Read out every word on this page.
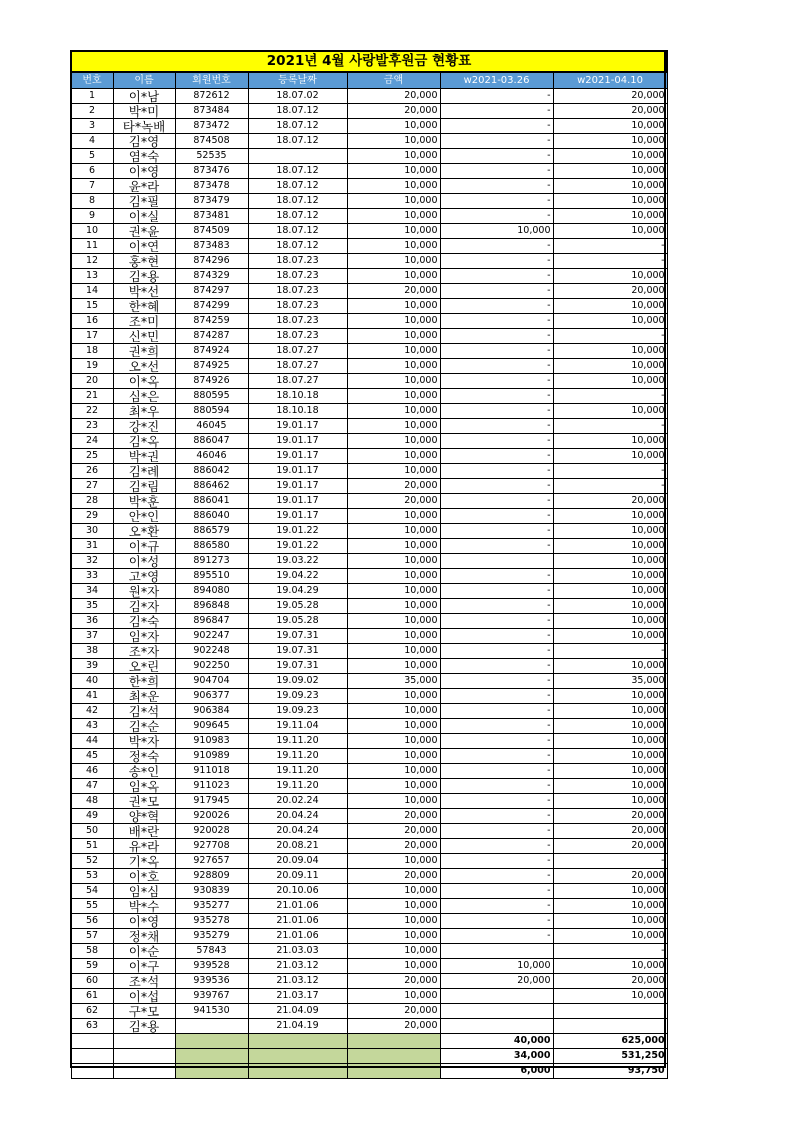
2021년 4월 사랑발후원금 현황표						
번호	이름	회원번호	등록날짜	금액	w2021-03.26	w2021-04.10
1	이*남	872612	18.07.02	20,000	-	20,000
2	박*미	873484	18.07.12	20,000	-	20,000
3	타*녹배	873472	18.07.12	10,000	-	10,000
4	김*영	874508	18.07.12	10,000	-	10,000
5	염*숙	52535		10,000	-	10,000
6	이*영	873476	18.07.12	10,000	-	10,000
7	윤*라	873478	18.07.12	10,000	-	10,000
8	김*필	873479	18.07.12	10,000	-	10,000
9	이*실	873481	18.07.12	10,000	-	10,000
10	권*윤	874509	18.07.12	10,000	10,000	10,000
11	이*연	873483	18.07.12	10,000	-	-
12	홍*현	874296	18.07.23	10,000	-	-
13	김*용	874329	18.07.23	10,000	-	10,000
14	박*선	874297	18.07.23	20,000	-	20,000
15	한*혜	874299	18.07.23	10,000	-	10,000
16	조*미	874259	18.07.23	10,000	-	10,000
17	신*민	874287	18.07.23	10,000	-	-
18	권*희	874924	18.07.27	10,000	-	10,000
19	오*선	874925	18.07.27	10,000	-	10,000
20	이*옥	874926	18.07.27	10,000	-	10,000
21	심*은	880595	18.10.18	10,000	-	-
22	최*우	880594	18.10.18	10,000	-	10,000
23	강*진	46045	19.01.17	10,000	-	-
24	김*옥	886047	19.01.17	10,000	-	10,000
25	박*권	46046	19.01.17	10,000	-	10,000
26	김*례	886042	19.01.17	10,000	-	-
27	김*림	886462	19.01.17	20,000	-	-
28	박*훈	886041	19.01.17	20,000	-	20,000
29	안*인	886040	19.01.17	10,000	-	10,000
30	오*환	886579	19.01.22	10,000	-	10,000
31	이*규	886580	19.01.22	10,000	-	10,000
32	이*성	891273	19.03.22	10,000		10,000
33	고*영	895510	19.04.22	10,000	-	10,000
34	원*자	894080	19.04.29	10,000	-	10,000
35	김*자	896848	19.05.28	10,000	-	10,000
36	김*숙	896847	19.05.28	10,000	-	10,000
37	임*자	902247	19.07.31	10,000	-	10,000
38	조*자	902248	19.07.31	10,000	-	-
39	오*린	902250	19.07.31	10,000	-	10,000
40	한*희	904704	19.09.02	35,000	-	35,000
41	최*운	906377	19.09.23	10,000	-	10,000
42	김*석	906384	19.09.23	10,000	-	10,000
43	김*순	909645	19.11.04	10,000	-	10,000
44	박*자	910983	19.11.20	10,000	-	10,000
45	정*숙	910989	19.11.20	10,000	-	10,000
46	송*인	911018	19.11.20	10,000	-	10,000
47	임*옥	911023	19.11.20	10,000	-	10,000
48	권*모	917945	20.02.24	10,000	-	10,000
49	양*혁	920026	20.04.24	20,000	-	20,000
50	배*란	920028	20.04.24	20,000	-	20,000
51	유*라	927708	20.08.21	20,000	-	20,000
52	기*옥	927657	20.09.04	10,000	-	-
53	이*호	928809	20.09.11	20,000	-	20,000
54	임*심	930839	20.10.06	10,000	-	10,000
55	박*수	935277	21.01.06	10,000	-	10,000
56	이*영	935278	21.01.06	10,000	-	10,000
57	정*채	935279	21.01.06	10,000	-	10,000
58	이*순	57843	21.03.03	10,000		-
59	이*구	939528	21.03.12	10,000	10,000	10,000
60	조*석	939536	21.03.12	20,000	20,000	20,000
61	이*섭	939767	21.03.17	10,000		10,000
62	구*모	941530	21.04.09	20,000		
63	김*용		21.04.19	20,000		
					40,000	625,000
					34,000	531,250
					6,000	93,750
